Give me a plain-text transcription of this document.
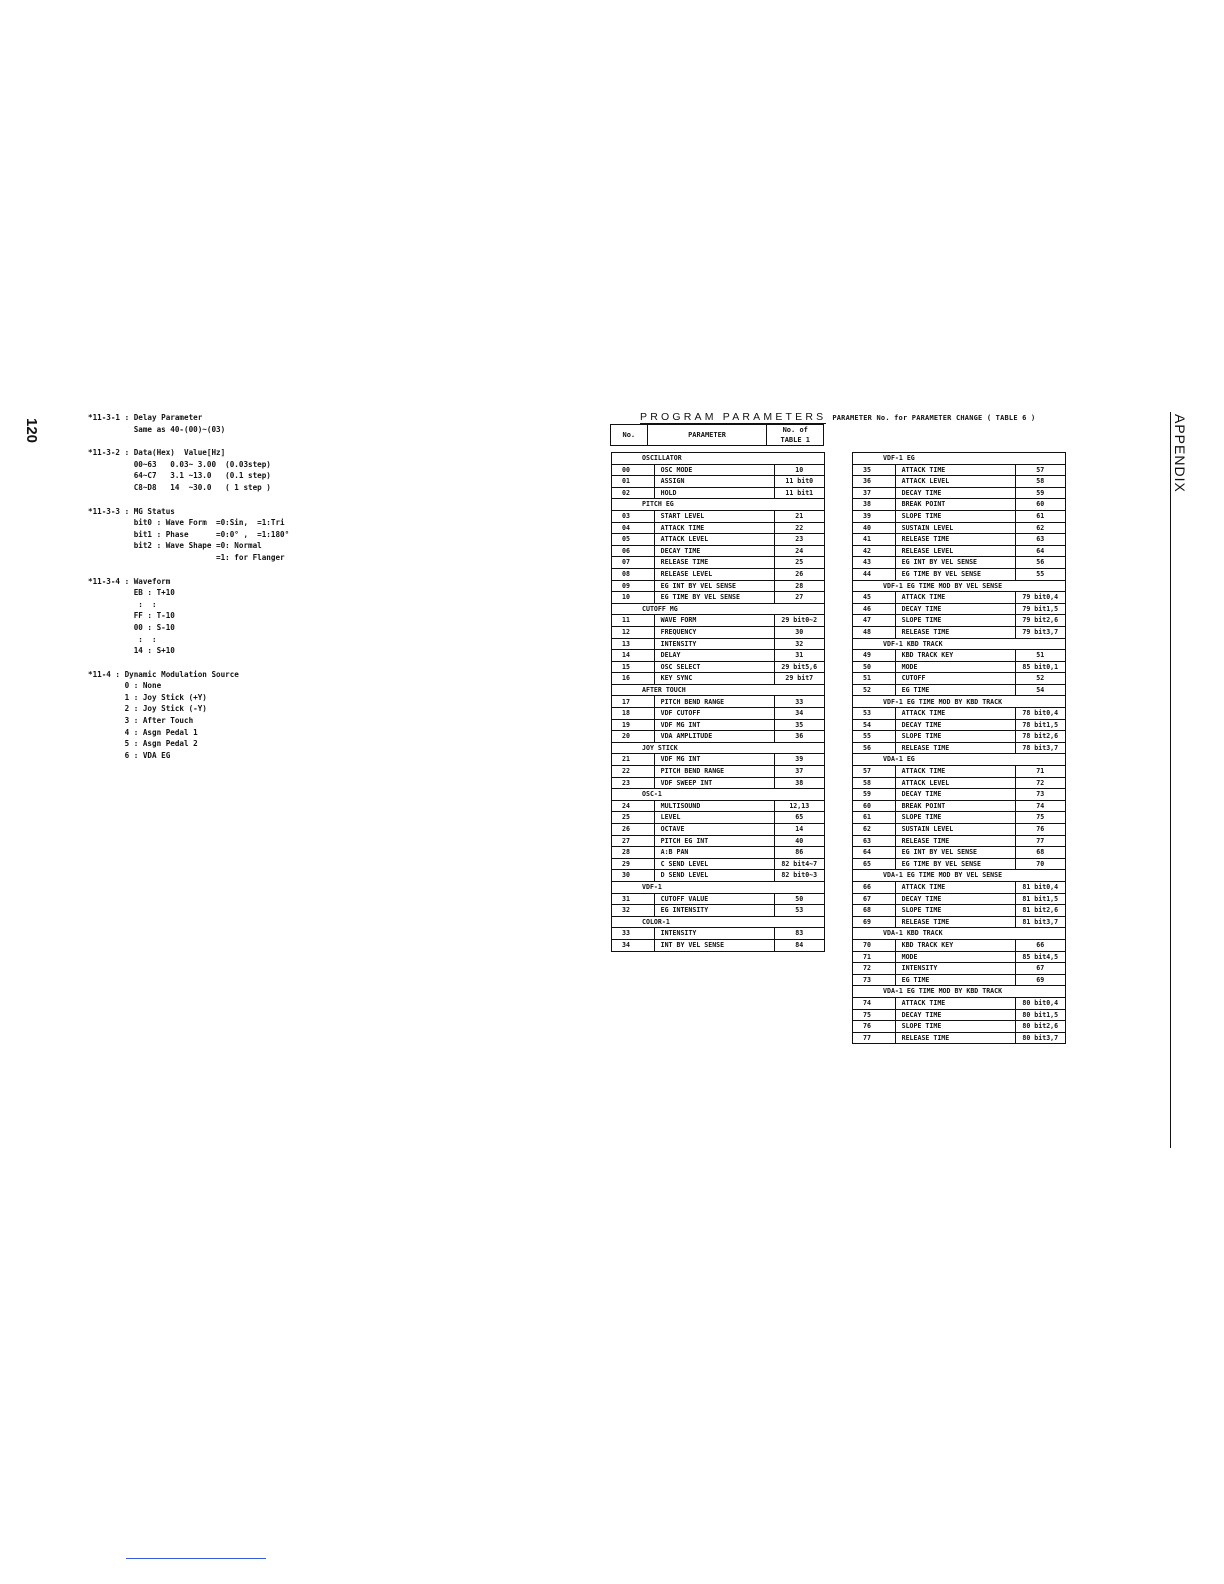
120
*11-3-1 : Delay Parameter
Same as 40-(00)~(03)
*11-3-2 : Data(Hex)  Value[Hz]
00~63   0.03~ 3.00  (0.03step)
64~C7   3.1 ~13.0   (0.1 step)
C8~D8   14  ~30.0   ( 1 step )
*11-3-3 : MG Status
bit0 : Wave Form  =0:Sin,  =1:Tri
bit1 : Phase      =0:0° ,  =1:180°
bit2 : Wave Shape =0: Normal
=1: for Flanger
*11-3-4 : Waveform
EB : T+10
:  :
FF : T-10
00 : S-10
:  :
14 : S+10
*11-4 : Dynamic Modulation Source
0 : None
1 : Joy Stick (+Y)
2 : Joy Stick (-Y)
3 : After Touch
4 : Asgn Pedal 1
5 : Asgn Pedal 2
6 : VDA EG
PROGRAM PARAMETERS PARAMETER No. for PARAMETER CHANGE ( TABLE 6 )
No.	PARAMETER	No. of
TABLE 1
OSCILLATOR		
00	OSC MODE	10
01	ASSIGN	11 bit0
02	HOLD	11 bit1
PITCH EG		
03	START LEVEL	21
04	ATTACK TIME	22
05	ATTACK LEVEL	23
06	DECAY TIME	24
07	RELEASE TIME	25
08	RELEASE LEVEL	26
09	EG INT BY VEL SENSE	28
10	EG TIME BY VEL SENSE	27
CUTOFF MG		
11	WAVE FORM	29 bit0~2
12	FREQUENCY	30
13	INTENSITY	32
14	DELAY	31
15	OSC SELECT	29 bit5,6
16	KEY SYNC	29 bit7
AFTER TOUCH		
17	PITCH BEND RANGE	33
18	VDF CUTOFF	34
19	VDF MG INT	35
20	VDA AMPLITUDE	36
JOY STICK		
21	VDF MG INT	39
22	PITCH BEND RANGE	37
23	VDF SWEEP INT	38
OSC-1		
24	MULTISOUND	12,13
25	LEVEL	65
26	OCTAVE	14
27	PITCH EG INT	40
28	A:B PAN	86
29	C SEND LEVEL	82 bit4~7
30	D SEND LEVEL	82 bit0~3
VDF-1		
31	CUTOFF VALUE	50
32	EG INTENSITY	53
COLOR-1		
33	INTENSITY	83
34	INT BY VEL SENSE	84
VDF-1 EG		
35	ATTACK TIME	57
36	ATTACK LEVEL	58
37	DECAY TIME	59
38	BREAK POINT	60
39	SLOPE TIME	61
40	SUSTAIN LEVEL	62
41	RELEASE TIME	63
42	RELEASE LEVEL	64
43	EG INT BY VEL SENSE	56
44	EG TIME BY VEL SENSE	55
VDF-1 EG TIME MOD BY VEL SENSE		
45	ATTACK TIME	79 bit0,4
46	DECAY TIME	79 bit1,5
47	SLOPE TIME	79 bit2,6
48	RELEASE TIME	79 bit3,7
VDF-1 KBD TRACK		
49	KBD TRACK KEY	51
50	MODE	85 bit0,1
51	CUTOFF	52
52	EG TIME	54
VDF-1 EG TIME MOD BY KBD TRACK		
53	ATTACK TIME	78 bit0,4
54	DECAY TIME	78 bit1,5
55	SLOPE TIME	78 bit2,6
56	RELEASE TIME	78 bit3,7
VDA-1 EG		
57	ATTACK TIME	71
58	ATTACK LEVEL	72
59	DECAY TIME	73
60	BREAK POINT	74
61	SLOPE TIME	75
62	SUSTAIN LEVEL	76
63	RELEASE TIME	77
64	EG INT BY VEL SENSE	68
65	EG TIME BY VEL SENSE	70
VDA-1 EG TIME MOD BY VEL SENSE		
66	ATTACK TIME	81 bit0,4
67	DECAY TIME	81 bit1,5
68	SLOPE TIME	81 bit2,6
69	RELEASE TIME	81 bit3,7
VDA-1 KBD TRACK		
70	KBD TRACK KEY	66
71	MODE	85 bit4,5
72	INTENSITY	67
73	EG TIME	69
VDA-1 EG TIME MOD BY KBD TRACK		
74	ATTACK TIME	80 bit0,4
75	DECAY TIME	80 bit1,5
76	SLOPE TIME	80 bit2,6
77	RELEASE TIME	80 bit3,7
APPENDIX
